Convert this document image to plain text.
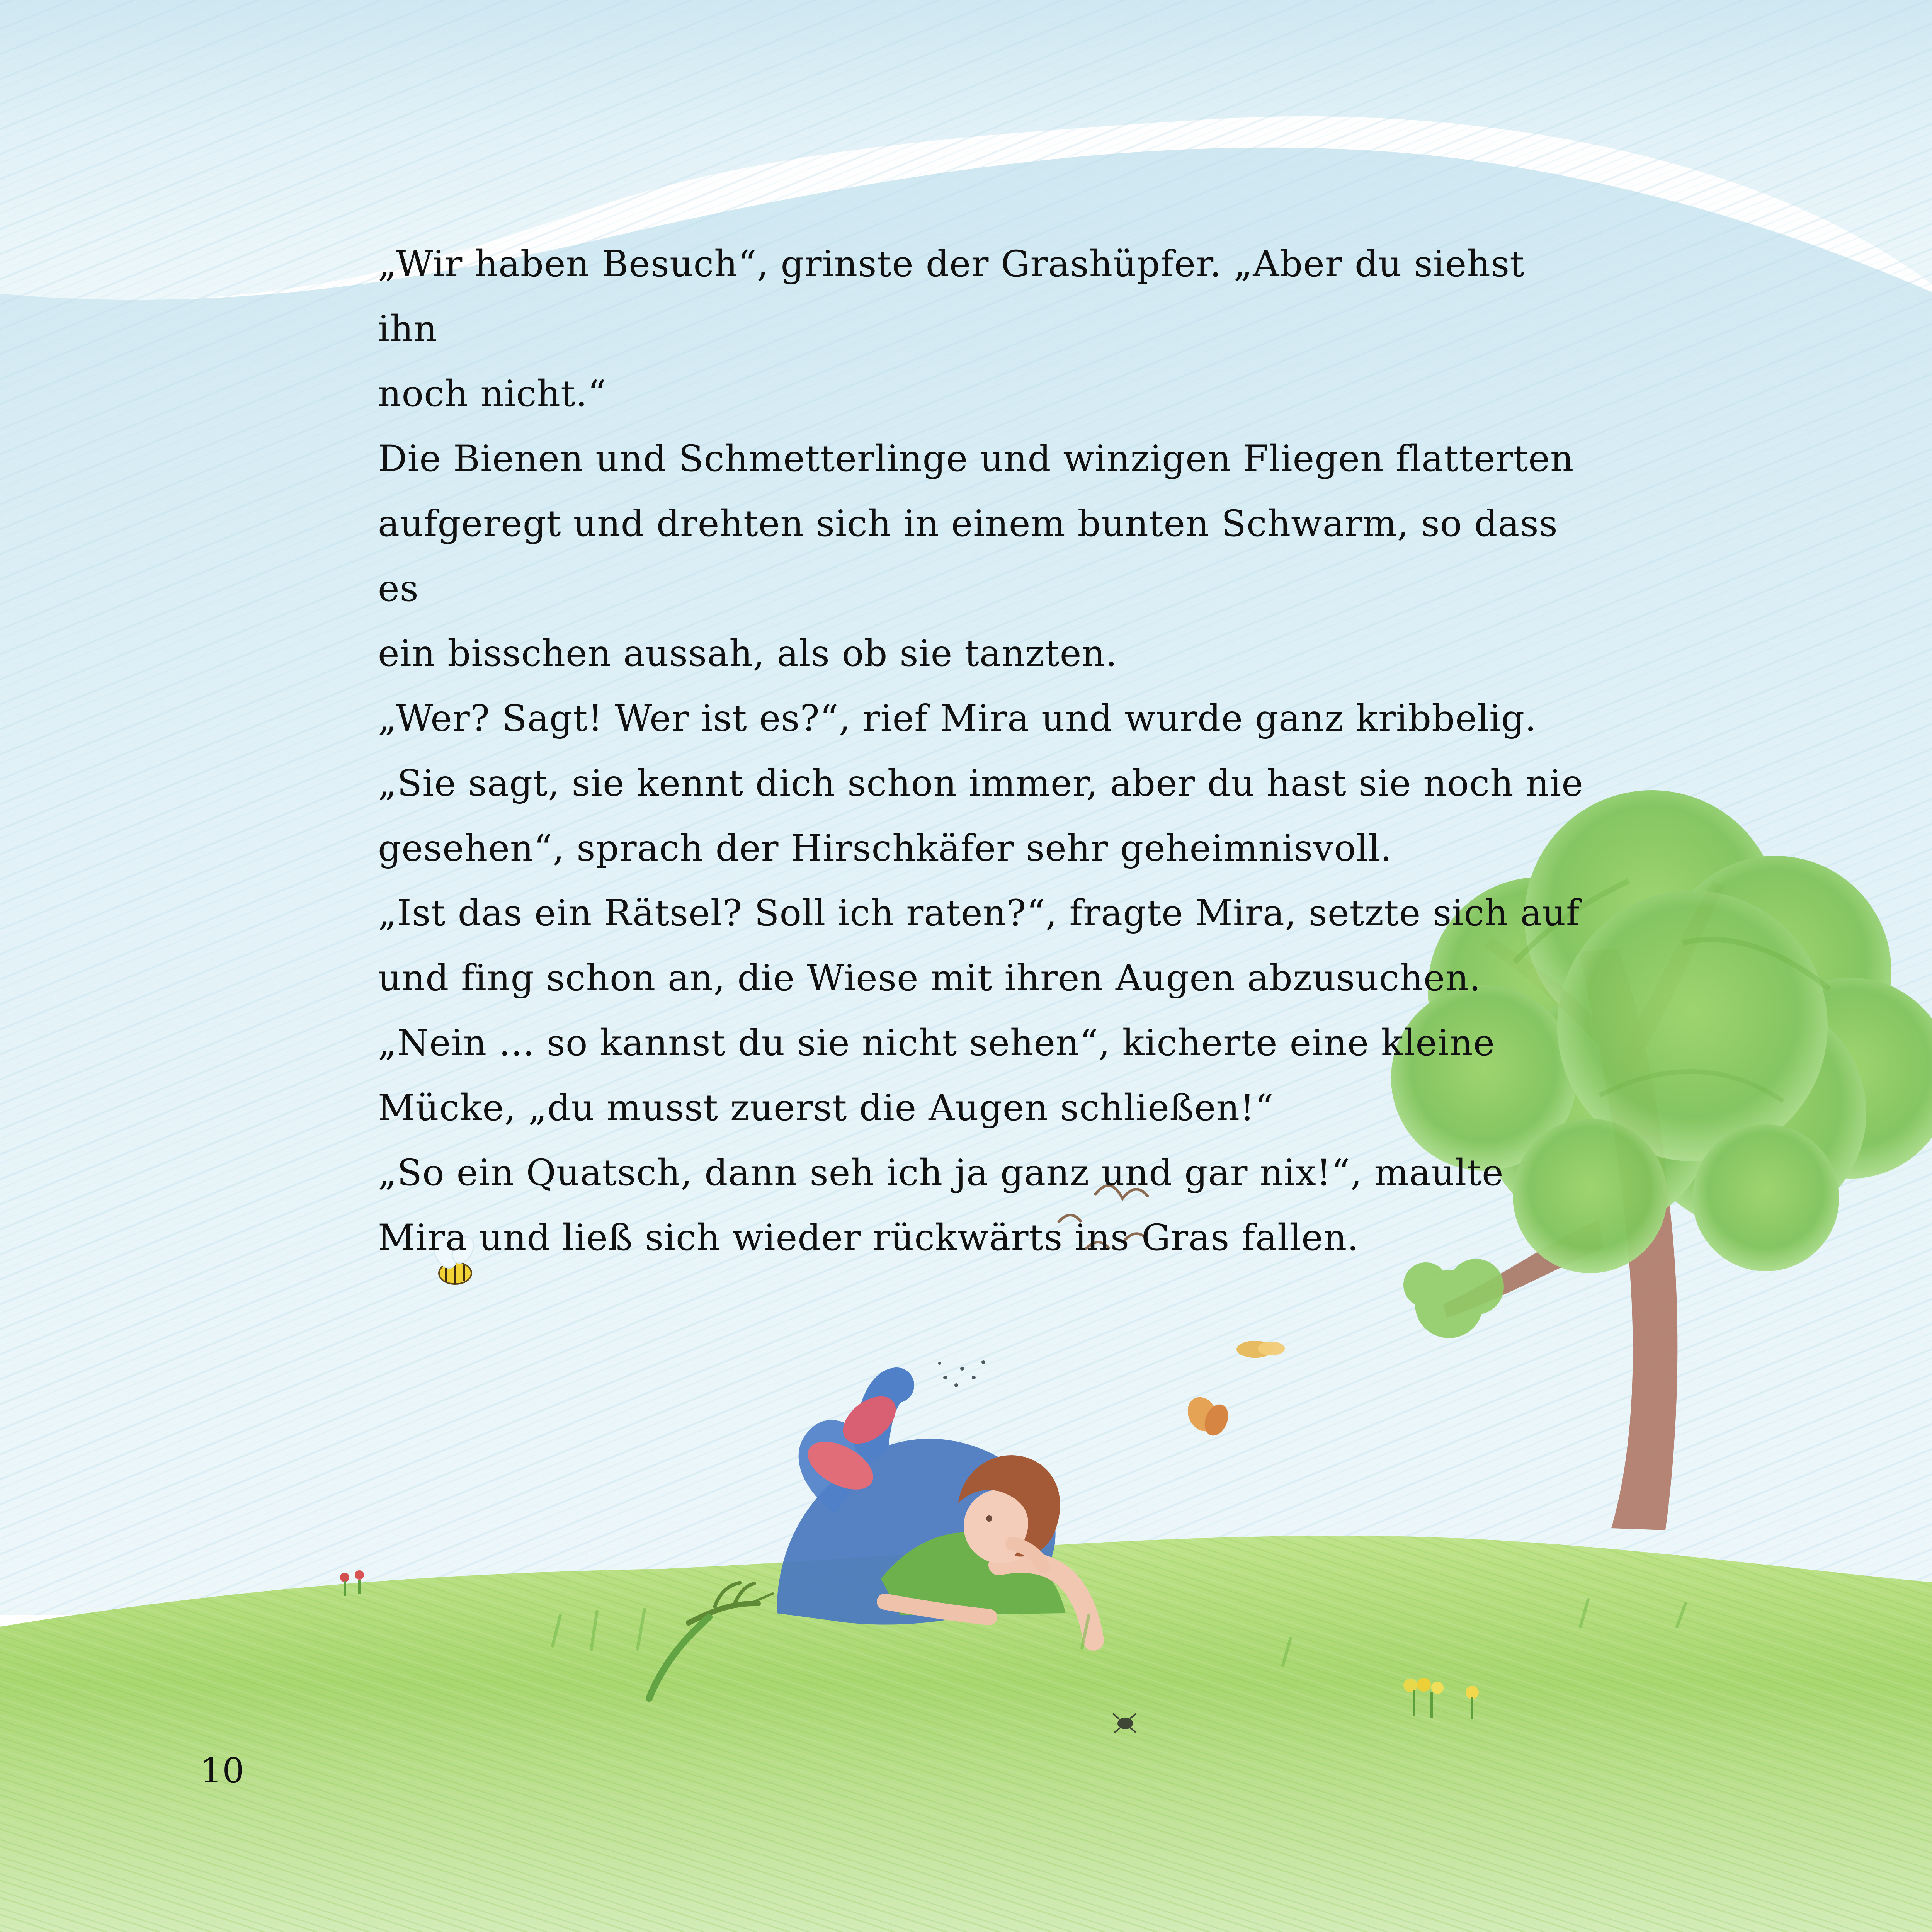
„Wir haben Besuch“, grinste der Grashüpfer. „Aber du siehst ihn

noch nicht.“

Die Bienen und Schmetterlinge und winzigen Fliegen flatterten

aufgeregt und drehten sich in einem bunten Schwarm, so dass es

ein bisschen aussah, als ob sie tanzten.

„Wer? Sagt! Wer ist es?“, rief Mira und wurde ganz kribbelig.

„Sie sagt, sie kennt dich schon immer, aber du hast sie noch nie

gesehen“, sprach der Hirschkäfer sehr geheimnisvoll.

„Ist das ein Rätsel? Soll ich raten?“, fragte Mira, setzte sich auf

und fing schon an, die Wiese mit ihren Augen abzusuchen.

„Nein ... so kannst du sie nicht sehen“, kicherte eine kleine

Mücke, „du musst zuerst die Augen schließen!“

„So ein Quatsch, dann seh ich ja ganz und gar nix!“, maulte

Mira und ließ sich wieder rückwärts ins Gras fallen.

10
